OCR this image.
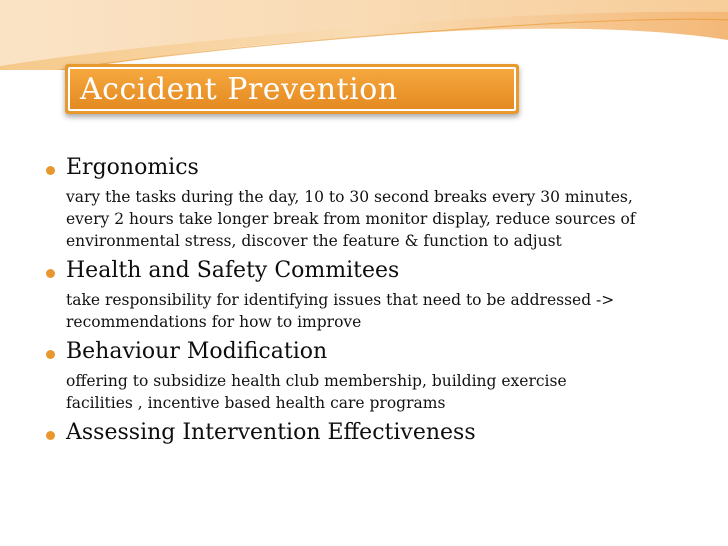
Accident Prevention
Ergonomics
vary the tasks during the day, 10 to 30 second breaks every 30 minutes,
every 2 hours take longer break from monitor display, reduce sources of
environmental stress, discover the feature & function to adjust
Health and Safety Commitees
take responsibility for identifying issues that need to be addressed ->
recommendations for how to improve
Behaviour Modification
offering to subsidize health club membership, building exercise
facilities , incentive based health care programs
Assessing Intervention Effectiveness
